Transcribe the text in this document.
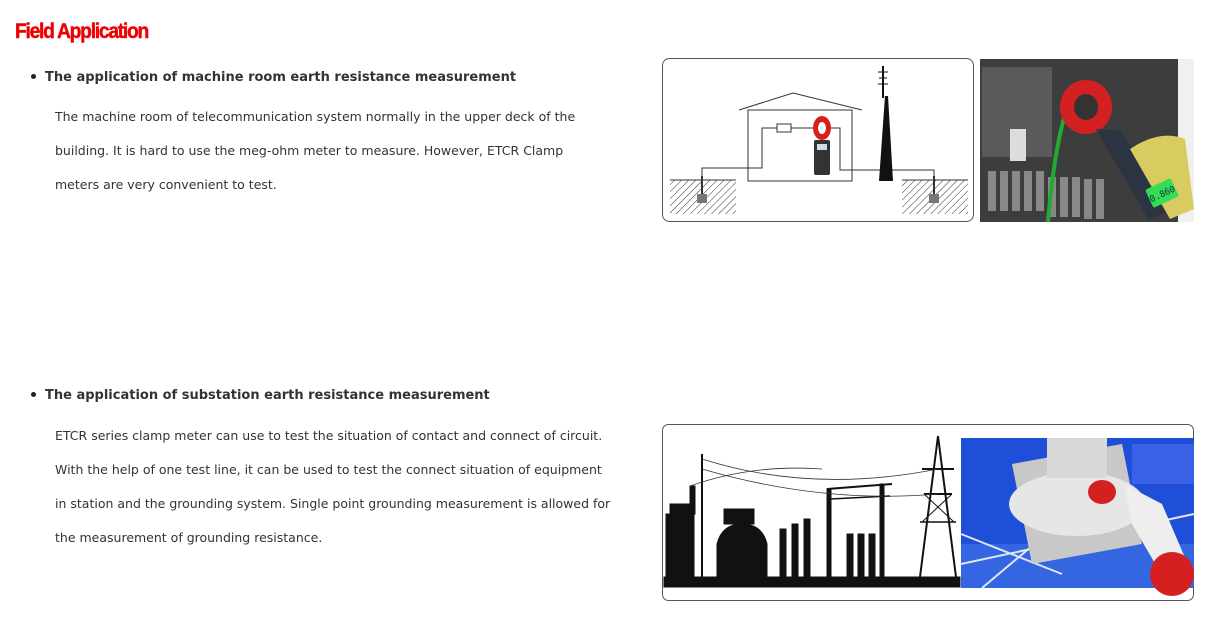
Field Application
The application of machine room earth resistance measurement
The machine room of telecommunication system normally in the upper deck of the
building. It is hard to use the meg-ohm meter to measure. However, ETCR Clamp
meters are very convenient to test.
0.860
The application of substation earth resistance measurement
ETCR series clamp meter can use to test the situation of contact and connect of circuit.
With the help of one test line, it can be used to test the connect situation of equipment
in station and the grounding system. Single point grounding measurement is allowed for
the measurement of grounding resistance.
